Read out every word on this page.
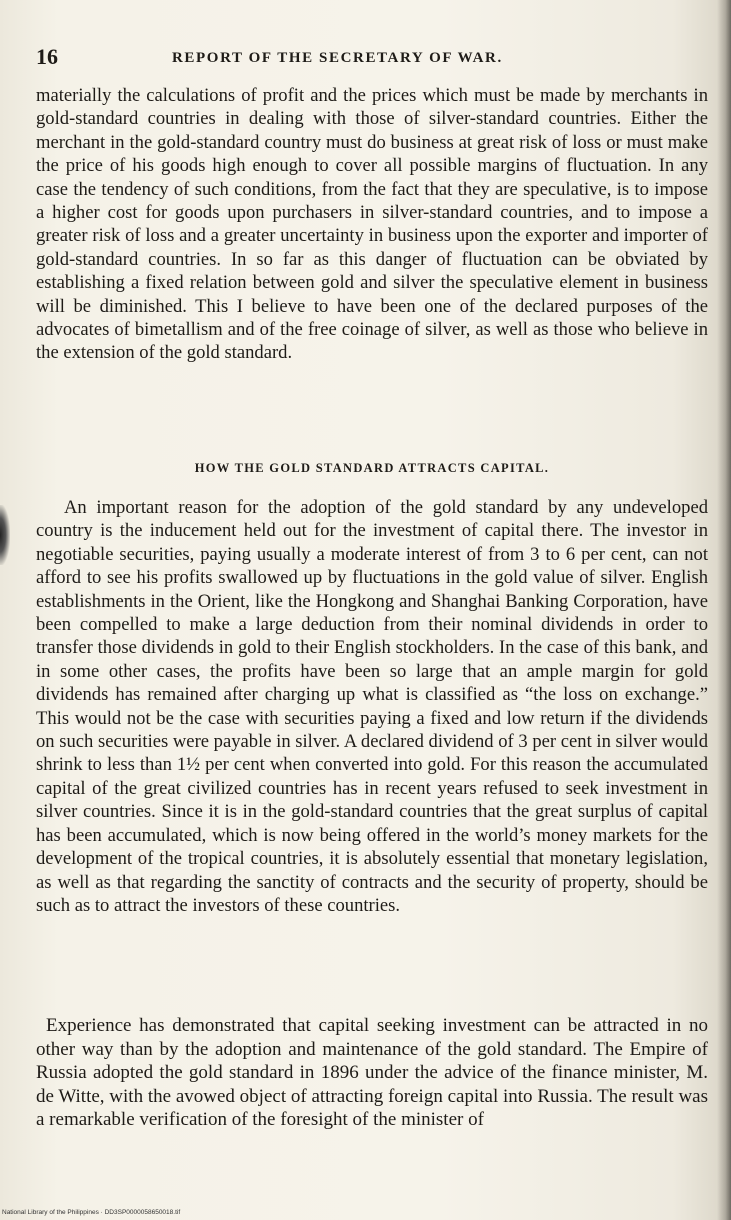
16	REPORT OF THE SECRETARY OF WAR.

materially the calculations of profit and the prices which must be made by merchants in gold-standard countries in dealing with those of silver-standard countries. Either the merchant in the gold-standard country must do business at great risk of loss or must make the price of his goods high enough to cover all possible margins of fluctuation. In any case the tendency of such conditions, from the fact that they are speculative, is to impose a higher cost for goods upon purchasers in silver-standard countries, and to impose a greater risk of loss and a greater uncertainty in business upon the exporter and importer of gold-standard countries. In so far as this danger of fluctuation can be obviated by establishing a fixed relation between gold and silver the speculative element in business will be diminished. This I believe to have been one of the declared purposes of the advocates of bimetallism and of the free coinage of silver, as well as those who believe in the extension of the gold standard.

HOW THE GOLD STANDARD ATTRACTS CAPITAL.

An important reason for the adoption of the gold standard by any undeveloped country is the inducement held out for the investment of capital there. The investor in negotiable securities, paying usually a moderate interest of from 3 to 6 per cent, can not afford to see his profits swallowed up by fluctuations in the gold value of silver. English establishments in the Orient, like the Hongkong and Shanghai Banking Corporation, have been compelled to make a large deduction from their nominal dividends in order to transfer those dividends in gold to their English stockholders. In the case of this bank, and in some other cases, the profits have been so large that an ample margin for gold dividends has remained after charging up what is classified as “the loss on exchange.” This would not be the case with securities paying a fixed and low return if the dividends on such securities were payable in silver. A declared dividend of 3 per cent in silver would shrink to less than 1½ per cent when converted into gold. For this reason the accumulated capital of the great civilized countries has in recent years refused to seek investment in silver countries. Since it is in the gold-standard countries that the great surplus of capital has been accumulated, which is now being offered in the world’s money markets for the development of the tropical countries, it is absolutely essential that monetary legislation, as well as that regarding the sanctity of contracts and the security of property, should be such as to attract the investors of these countries.

Experience has demonstrated that capital seeking investment can be attracted in no other way than by the adoption and maintenance of the gold standard. The Empire of Russia adopted the gold standard in 1896 under the advice of the finance minister, M. de Witte, with the avowed object of attracting foreign capital into Russia. The result was a remarkable verification of the foresight of the minister of

National Library of the Philippines · DD3SP0000058650018.tif
